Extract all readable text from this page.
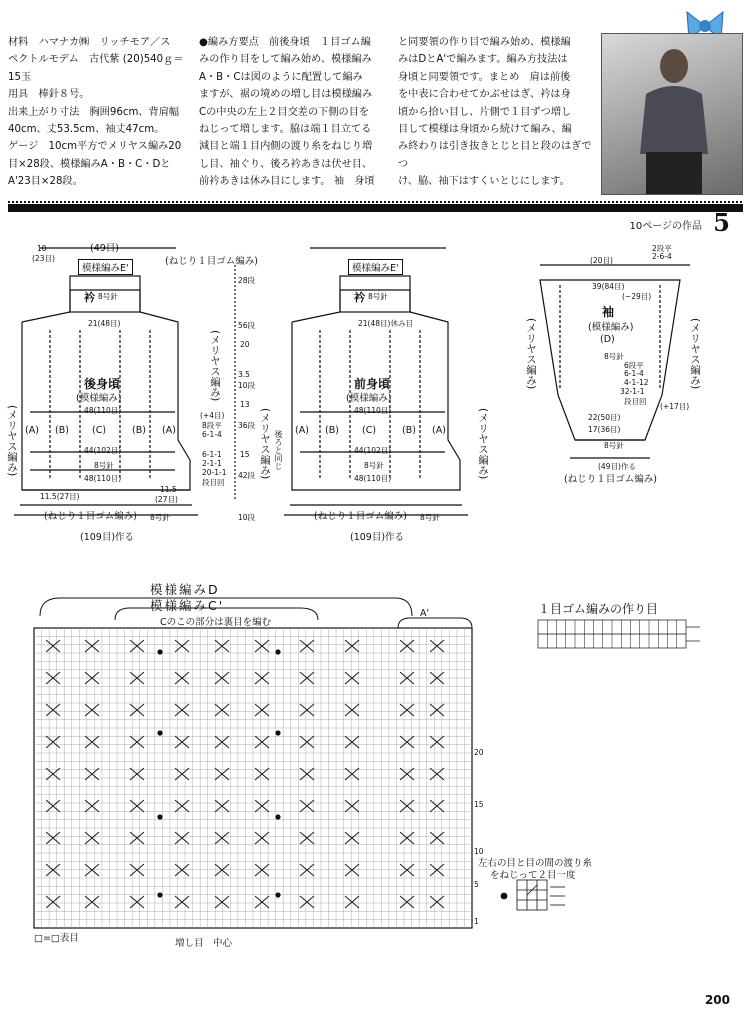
材料　ハマナカ㈱　リッチモア／ス

ペクトルモデム　古代紫 (20)540ｇ＝

15玉

用具　棒針８号。

出来上がり寸法　胸囲96cm、背肩幅

40cm、丈53.5cm、袖丈47cm。

ゲージ　10cm平方でメリヤス編み20

目×28段、模様編みA・B・C・Dと

A'23目×28段。

●編み方要点　前後身頃　１目ゴム編

みの作り目をして編み始め、模様編み

A・B・Cは図のように配置して編み

ますが、裾の境めの増し目は模様編み

Cの中央の左上２目交差の下側の目を

ねじって増します。脇は端１目立てる

減目と端１目内側の渡り糸をねじり増

し目、袖ぐり、後ろ衿あきは伏せ目、

前衿あきは休み目にします。 袖　身頃

と同要領の作り目で編み始め、模様編

みはDとA'で編みます。編み方技法は

身頃と同要領です。まとめ　肩は前後

を中表に合わせてかぶせはぎ、衿は身

頃から拾い目し、片側で１目ずつ増し

目して模様は身頃から続けて編み、編

み終わりは引き抜きとじと目と段のはぎでつ

け、脇、袖下はすくいとじにします。

10ページの作品 5
(49目)
10
(23目)
模様編みE'
(ねじり１目ゴム編み)
衿 8号針
21(48目)
後身頃
(模様編み)
(A) (B) (C)	(B) (A)
48(110目)
44(102目)
8号針
48(110目)
11.5(27目)
11.5
(27目)
(ねじり１目ゴム編み) 8号針
(109目)作る
(メリヤス編み)
(メリヤス編み)	(+4目)
8段平
6-1-4
6-1-1
2-1-1
20-1-1
段目回
28段
56段
20
3.5
10段
13
36段
15
42段
10段
模様編みE'
衿 8号針
21(48目)休み目
前身頃
(模様編み)
(A) (B) (C)	(B) (A)
48(110目)
44(102目)
8号針
48(110目)
(ねじり１目ゴム編み) 8号針
(109目)作る
(メリヤス編み)	(メリヤス編み)
後ろと同じ
(20目)
2段平
2-6-4
39(84目)
(−29目)
袖
(模様編み)
(D)
8号針
6段平
6-1-4
4-1-12
32-1-1
段目回
(+17目)
22(50目)
17(36目)
8号針
(49目)作る
(ねじり１目ゴム編み)
(メリヤス編み)	(メリヤス編み)
模様編みD
模様編みC'
Cのこの部分は裏目を編む
A'
20
15
10
5
1
増し目　中心
□=□表目
１目ゴム編みの作り目
左右の目と目の間の渡り糸
をねじって２目一度
200
